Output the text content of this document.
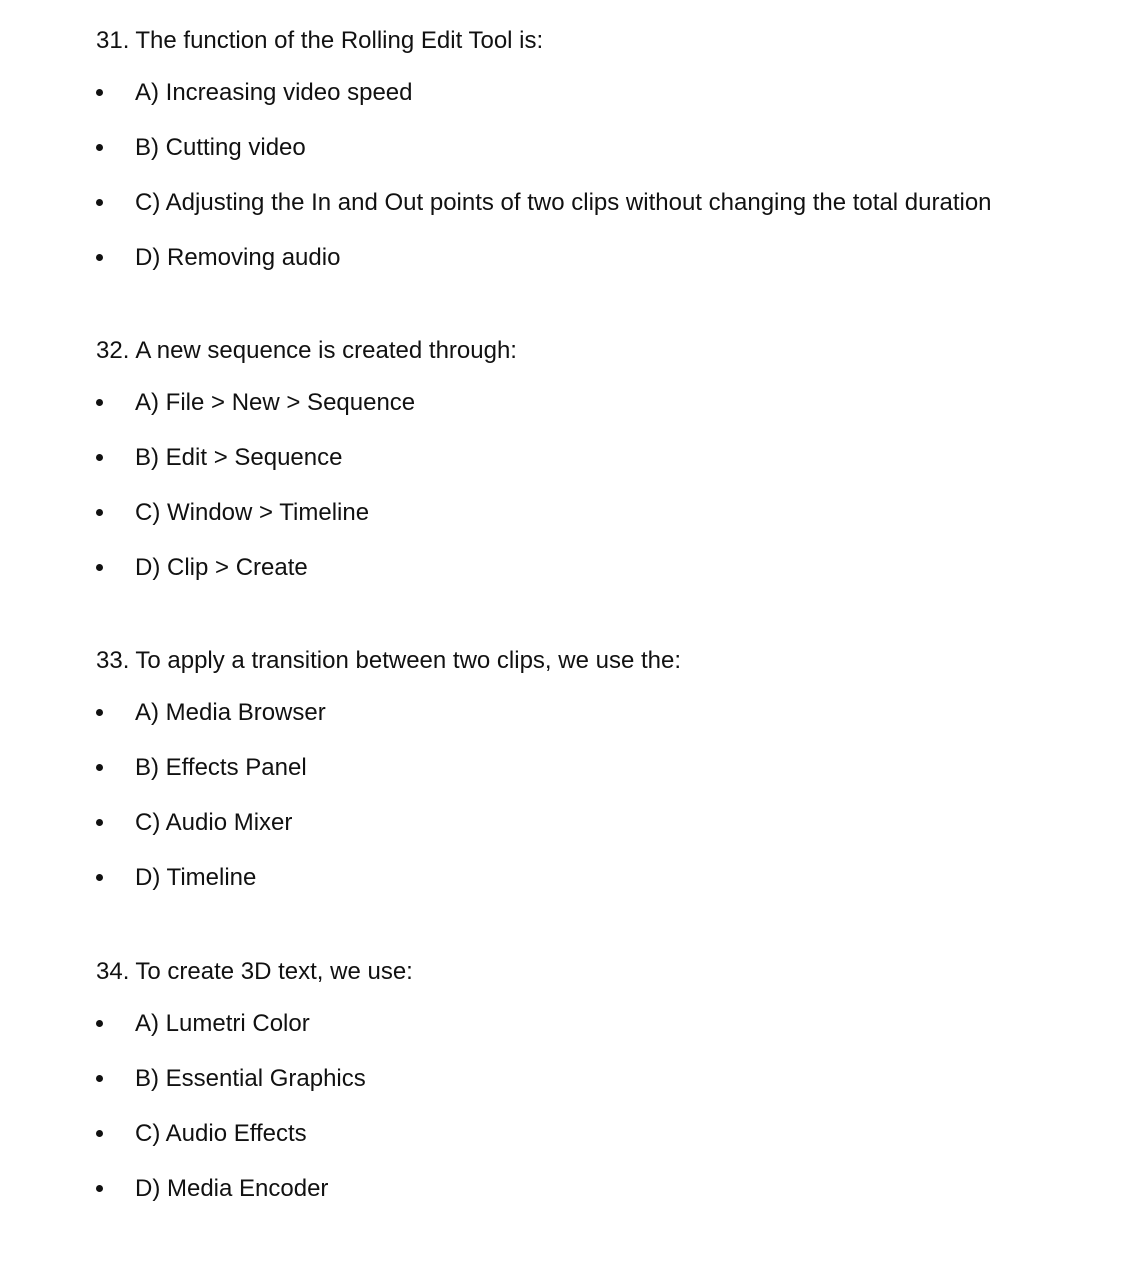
31. The function of the Rolling Edit Tool is:
A) Increasing video speed
B) Cutting video
C) Adjusting the In and Out points of two clips without changing the total duration
D) Removing audio
32. A new sequence is created through:
A) File > New > Sequence
B) Edit > Sequence
C) Window > Timeline
D) Clip > Create
33. To apply a transition between two clips, we use the:
A) Media Browser
B) Effects Panel
C) Audio Mixer
D) Timeline
34. To create 3D text, we use:
A) Lumetri Color
B) Essential Graphics
C) Audio Effects
D) Media Encoder
